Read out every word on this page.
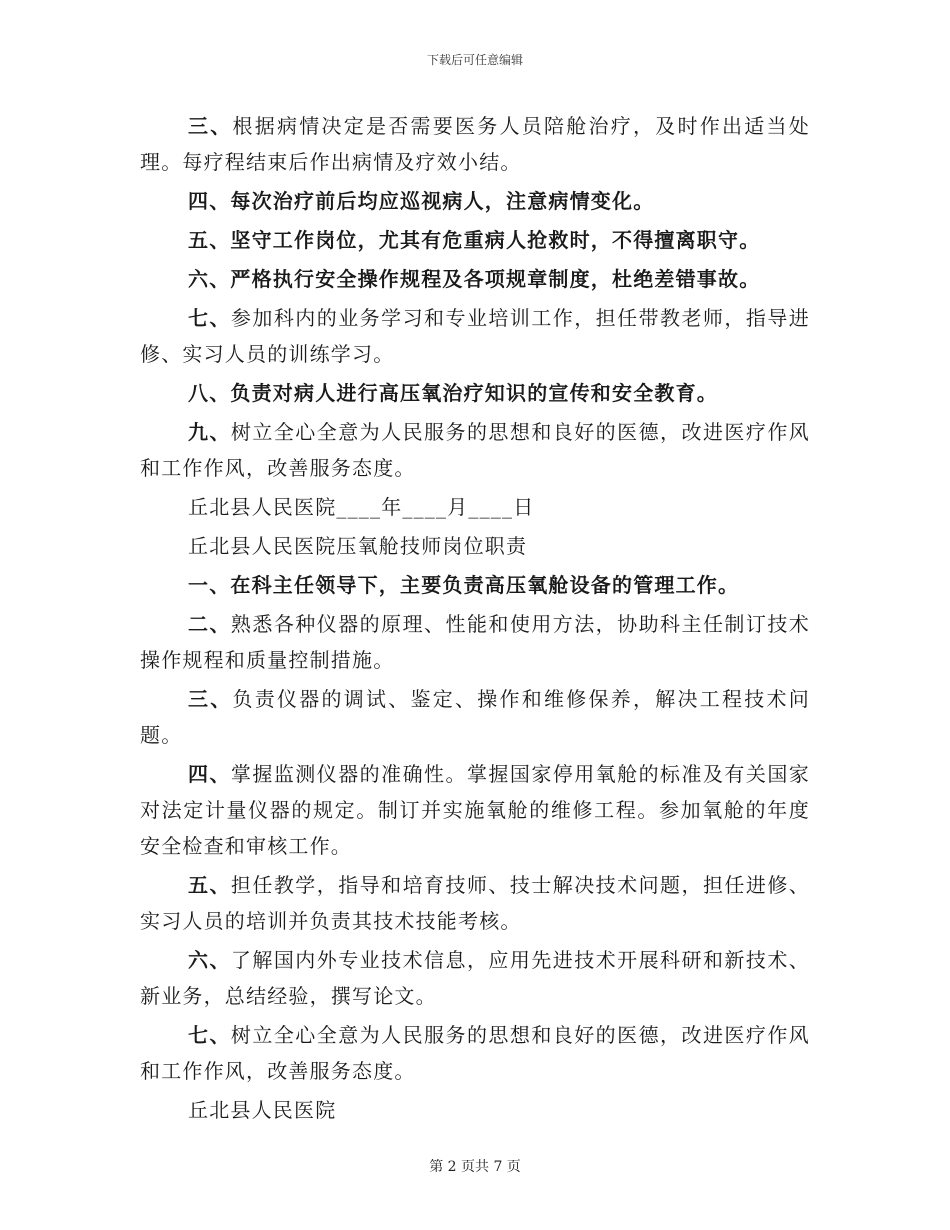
下载后可任意编辑

三、根据病情决定是否需要医务人员陪舱治疗，及时作出适当处理。每疗程结束后作出病情及疗效小结。

四、每次治疗前后均应巡视病人，注意病情变化。

五、坚守工作岗位，尤其有危重病人抢救时，不得擅离职守。

六、严格执行安全操作规程及各项规章制度，杜绝差错事故。

七、参加科内的业务学习和专业培训工作，担任带教老师，指导进修、实习人员的训练学习。

八、负责对病人进行高压氧治疗知识的宣传和安全教育。

九、树立全心全意为人民服务的思想和良好的医德，改进医疗作风和工作作风，改善服务态度。

丘北县人民医院____年____月____日

丘北县人民医院压氧舱技师岗位职责

一、在科主任领导下，主要负责高压氧舱设备的管理工作。

二、熟悉各种仪器的原理、性能和使用方法，协助科主任制订技术操作规程和质量控制措施。

三、负责仪器的调试、鉴定、操作和维修保养，解决工程技术问题。

四、掌握监测仪器的准确性。掌握国家停用氧舱的标准及有关国家对法定计量仪器的规定。制订并实施氧舱的维修工程。参加氧舱的年度安全检查和审核工作。

五、担任教学，指导和培育技师、技士解决技术问题，担任进修、实习人员的培训并负责其技术技能考核。

六、了解国内外专业技术信息，应用先进技术开展科研和新技术、新业务，总结经验，撰写论文。

七、树立全心全意为人民服务的思想和良好的医德，改进医疗作风和工作作风，改善服务态度。

丘北县人民医院

第 2 页共 7 页
